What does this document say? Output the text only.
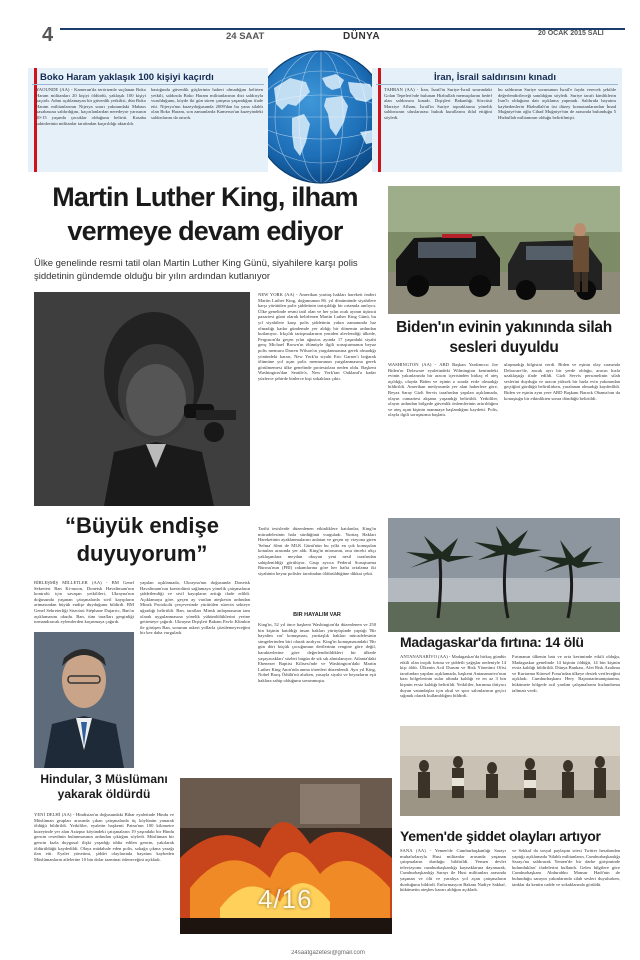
4	24 SAAT	DÜNYA	20 OCAK 2015 SALI
Boko Haram yaklaşık 100 kişiyi kaçırdı
YAOUNDE (AA) - Kamerun'da terörizmle suçlanan Boko Haram militanları 20 kişiyi öldürdü, yaklaşık 100 kişiyi kaçırdı. Adını açıklamayan bir güvenlik yetkilisi, dün Boko Haram militanlarının Nijerya sınırı yakınındaki Mabass kasabasına saldırdığını, kaçırılanlardan neredeyse yarısının 10-15 yaşında çocuklar olduğunu belirtti. Kasaba sakinlerinin militanlar tarafından kaçırıldığı aktarıldı.
bastığında güvenlik güçlerinin haberi olmadığını belirten yetkili, saldırıda Boko Haram militanlarının dizi saldırıyla vurulduğunu, köyde iki gün süren çatışma yaşandığını ifade etti. Nijerya'nın kuzeydoğusunda 2009'dan bu yana silahlı olan Boko Haram, son zamanlarda Kamerun'un kuzeyindeki saldırılarını da artırdı.
İran, İsrail saldırısını kınadı
TAHRAN (AA) - İran, İsrail'in Suriye-İsrail sınırındaki Golan Tepeleri'nde bulunan Hizbullah mensuplarını hedef alan saldırısını kınadı. Dışişleri Bakanlığı Sözcüsü Marziye Afham, İsrail'in Suriye topraklarına yönelik saldırısının uluslararası hukuk kurallarını ihlal ettiğini söyledi.
bu saldırının Suriye sorununun İsrail'e fayda verecek şekilde değerlendirileceği sanıldığını söyledi. Suriye tarafı kimliklerin İran'lı olduğuna dair açıklama yapmadı. Saldırıda hayatını kaybedenlerin Hizbullah'ın üst düzey komutanlarından İmad Muğniye'nin oğlu Cihad Muğniye'nin de arasında bulunduğu 5 Hizbullah militanının olduğu belirtilmişti.
Martin Luther King, ilham vermeye devam ediyor
Ülke genelinde resmi tatil olan Martin Luther King Günü, siyahilere karşı polis şiddetinin gündemde olduğu bir yılın ardından kutlanıyor
“Büyük endişe duyuyorum”
BİRLEŞMİŞ MİLLETLER (AA) - BM Genel Sekreteri Ban Ki-moon, Donetsk Havalimanı'nın kontrolü için savaşan yetkilileri, Ukrayna'nın doğusunda yaşanan çatışmalarda sivil kayıpların artmasından büyük endişe duyduğunu bildirdi. BM Genel Sekreterliği Sözcüsü Stéphane Dujarric, Ban'ın açıklamasını okudu. Ban, tüm tarafları gerginliği tırmandıracak eylemlerden kaçınmaya çağırdı.
yapılan açıklamada, Ukrayna'nın doğusunda Donetsk Havalimanı'nın kontrolünü sağlamaya yönelik çatışmaların şiddetlendiği ve sivil kayıpların arttığı ifade edildi. Açıklamaya göre, geçen ay varılan ateşkesin ardından Minsk Protokolü çerçevesinde yürütülen sürecin sekteye uğradığı belirtildi. Ban, tarafları Minsk anlaşmasının tam olarak uygulanmasına yönelik yükümlülüklerini yerine getirmeye çağırdı. Ukrayna Dışişleri Bakanı Pavlo Klimkin ile görüşen Ban, sorunun askeri yollarla çözülemeyeceğini bir kez daha vurguladı.
NEW YORK (AA) - Amerikan yurttaş hakları hareketi önderi Martin Luther King, doğumunun 86. yıl dönümünde siyahilere karşı yürütülen polis şiddetinin tartışıldığı bir ortamda anılıyor. Ülke genelinde resmi tatil olan ve her yılın ocak ayının üçüncü pazartesi günü olarak belirlenen Martin Luther King Günü, bu yıl siyahilere karşı polis şiddetinin yakın zamanında hız olmadığı kadar gündemde yer aldığı bir dönemin ardından kutlanıyor. Irkçılık tartışmalarının yeniden alevlendiği ülkede, Ferguson'da geçen yılın ağustos ayında 17 yaşındaki siyahi genç Michael Brown'ın ölümüyle ilgili soruşturmanın beyaz polis memuru Darren Wilson'ın yargılanmasına gerek olmadığı yönündeki kararı, New York'ta siyahi Eric Garner'ı boğarak ölümüne yol açan polis memurunun yargılanmasına gerek görülmemesi ülke genelinde protestolara neden oldu. Başkent Washington'dan Seattle'a, New York'tan Oakland'a kadar yüzlerce şehirde binlerce kişi sokaklara çıktı.
Tarihi tesislerde düzenlenen etkinliklere katılanlar, King'in mücadelesinin hala sürdüğünü vurguladı. Yurttaş Hakları Hareketinin ayaklanmalarını anlatan ve geçen ay vizyona giren 'Selma' filmi de MLK Günü'nün bu yılki en çok konuşulan konuları arasında yer aldı. King'in mirasının, onu önceki ırkçı yaklaşımlara meydan okuyan yeni nesil tarafından sahiplenildiği görülüyor. Grup ayrıca Federal Soruşturma Bürosu'nun (FBI) rakamlarına göre her hafta ortalama iki siyahinin beyaz polisler tarafından öldürüldüğüne dikkat çekti.
BİR HAYALİM VAR
King'in, 52 yıl önce başkent Washington'da düzenlenen ve 250 bin kişinin katıldığı insan hakları yürüyüşünde yaptığı 'Bir hayalim var' konuşması, yurttaşlık hakları mücadelesinin simgelerinden biri olarak anılıyor. King'in konuşmasındaki 'Bir gün dört küçük çocuğumun derilerinin rengine göre değil, karakterlerine göre değerlendirildikleri bir ülkede yaşayacakları' sözleri bugün de sık sık alıntılanıyor. Atlanta'daki Ebenezer Baptist Kilisesi'nde ve Washington'daki Martin Luther King Anıtı'nda anma törenleri düzenlendi. Ayrı yıl King, Nobel Barış Ödülü'nü alırken, yasayla siyahi ve beyazların eşit haklara sahip olduğunu savunmuştu.
Biden'ın evinin yakınında silah sesleri duyuldu
WASHINGTON (AA) - ABD Başkan Yardımcısı Joe Biden'ın Delaware eyaletindeki Wilmington kentindeki evinin yakınlarında bir aracın içerisinden birkaç el ateş açıldığı, olayda Biden ve eşinin o sırada evde olmadığı bildirildi. Amerikan medyasında yer alan haberlere göre, Beyaz Saray Gizli Servis tarafından yapılan açıklamada, olayın cumartesi akşamı yaşandığı belirtildi. Yetkililer, olayın ardından bölgede güvenlik önlemlerinin artırıldığını ve ateş açan kişinin aranmaya başlandığını kaydetti. Polis, olayla ilgili soruşturma başlattı.
ulaşmadığı bilgisini verdi. Biden ve eşinin olay sırasında Delaware'de, ancak ayrı bir yerde olduğu, aracın hızla uzaklaştığı ifade edildi. Gizli Servis personelinin silah seslerini duyduğu ve aracın yüksek bir hızla evin yakınından geçtiğini gördüğü belirtilirken, yaralanan olmadığı kaydedildi. Biden ve eşinin aynı yere ABD Başkanı Barack Obama'nın da konuştuğu bir etkinlikten sonra döndüğü belirtildi.
Madagaskar'da fırtına: 14 ölü
ANTANANARİVO (AA) - Madagaskar'da birkaç gündür etkili olan tropik fırtına ve şiddetli yağışlar nedeniyle 14 kişi öldü. Ülkenin Acil Durum ve Risk Yönetimi Ofisi tarafından yapılan açıklamada, başkent Antananarivo'nun bazı bölgelerinin sular altında kaldığı ve en az 3 bin kişinin evsiz kaldığı belirtildi. Yetkililer, barınma ihtiyacı duyan vatandaşlar için okul ve spor salonlarının geçici sığınak olarak kullanıldığını bildirdi.
Fırtınanın ülkenin batı ve orta kesiminde etkili olduğu, Madagaskar genelinde 14 kişinin öldüğü, 14 bin kişinin evsiz kaldığı bildirildi. Dünya Bankası, Afet Risk Azaltma ve Kurtarma Küresel Fonu'ndan ülkeye destek verileceğini açıkladı. Cumhurbaşkanı Hery Rajaonarimampianina, hükümete bölgede acil yardım çalışmalarını hızlandırma talimatı verdi.
Yemen'de şiddet olayları artıyor
SANA (AA) - Yemen'de Cumhurbaşkanlığı Sarayı muhafızlarıyla Husi militanlar arasında yaşanan çatışmaların durduğu bildirildi. Yemen devlet televizyonu cumhurbaşkanlığı kaynaklarına dayanarak, Cumhurbaşkanlığı Sarayı ile Husi militanları arasında yaşanan ve ölü ve yaralıya yol açan çatışmaların durduğunu bildirdi. Enformasyon Bakanı Nadiye Sakkaf, hükümetin ateşkes kararı aldığını açıkladı.
ve Sekkaf da sosyal paylaşım sitesi Twitter hesabından yaptığı açıklamada 'Silahlı militanların, Cumhurbaşkanlığı Sarayı'na saldırarak Yemen'de bir darbe girişiminde bulundukları' ifadelerini kullandı. Gelen bilgilere göre Cumhurbaşkanı Abdurabbu Mansur Hadi'nin de bulunduğu sarayın yakınlarında silah sesleri duyulurken, tanklar da kentin cadde ve sokaklarında görüldü.
Hindular, 3 Müslümanı yakarak öldürdü
YENİ DELHİ (AA) - Hindistan'ın doğusundaki Bihar eyaletinde Hindu ve Müslüman grupları arasında çıkan çatışmalarda üç köylünün yanarak öldüğü bildirildi. Yetkililer, eyaletin başkenti Patna'nın 100 kilometre kuzeyinde yer alan Azizpur köyündeki çatışmaların 19 yaşındaki bir Hindu gencin cesedinin bulunmasının ardından çıktığını söyledi. Müslüman bir gencin kızla duygusal ilişki yaşadığı iddia edilen gencin, yakılarak öldürüldüğü kaydedildi. Olaya müdahale eden polis, sokağa çıkma yasağı ilan etti. Eyalet yönetimi, şiddet olaylarında hayatını kaybeden Müslümanların ailelerine 10 bin dolar tazminat ödeneceğini açıkladı.
4/16
24saatgazetesi@gmail.com
